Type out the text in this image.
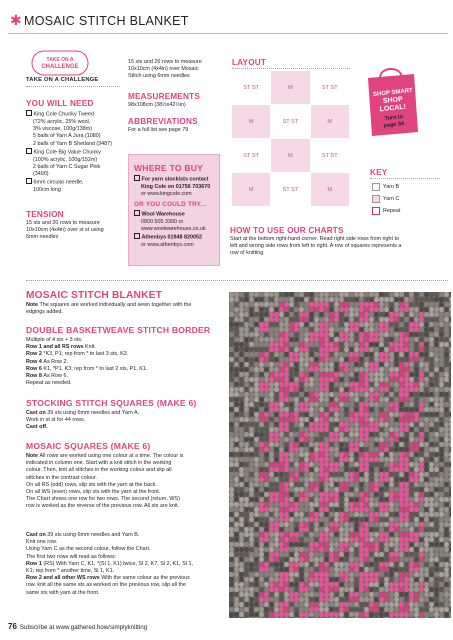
✱ MOSAIC STITCH BLANKET
TAKE ON A
CHALLENGE
TAKE ON A CHALLENGE
YOU WILL NEED
King Cole Chunky Tweed
(72% acrylic, 25% wool,
3% viscose, 100g/138m)
5 balls of Yarn A Jura (1080)
2 balls of Yarn B Shetland (3487)
King Cole Big Value Chunky
(100% acrylic, 100g/152m)
2 balls of Yarn C Sugar Pink
(3490)
6mm circular needle,
100cm long
TENSION
15 sts and 20 rows to measure
10x10cm (4x4in) over st st using
6mm needles
15 sts and 26 rows to measure
10x10cm (4x4in) over Mosaic
Stitch using 6mm needles
MEASUREMENTS
98x108cm (38½x42½in)
ABBREVIATIONS
For a full list see page 79
WHERE TO BUY
For yarn stockists contact
King Cole on 01756 703670
or www.kingcole.com
OR YOU COULD TRY...
Wool Warehouse
0800 505 3300 or
www.woolwarehouse.co.uk
Athenbys 01948 820052
or www.athenbys.com
LAYOUT
ST ST	M	ST ST
M	ST ST	M
ST ST	M	ST ST
M	ST ST	M
SHOP SMART
SHOP
LOCAL!
Turn to
page 34
KEY
Yarn B
Yarn C
Repeat
HOW TO USE OUR CHARTS
Start at the bottom right-hand corner. Read right side rows from right to
left and wrong side rows from left to right. A row of squares represents a
row of knitting
MOSAIC STITCH BLANKET
Note The squares are worked individually and sewn together with the
edgings added.
DOUBLE BASKETWEAVE STITCH BORDER
Multiple of 4 sts + 3 sts.
Row 1 and all RS rows Knit.
Row 2 *K3, P1; rep from * to last 3 sts, K3.
Row 4 As Row 2.
Row 6 K1, *P1, K3; rep from * to last 2 sts, P1, K1.
Row 8 As Row 6.
Repeat as needed.
STOCKING STITCH SQUARES (MAKE 6)
Cast on 39 sts using 6mm needles and Yarn A.
Work in st st for 44 rows.
Cast off.
MOSAIC SQUARES (MAKE 6)
Note All rows are worked using one colour at a time. The colour is
indicated in column one. Start with a knit stitch in the working
colour. Then, knit all stitches in the working colour and slip all
stitches in the contrast colour.
On all RS (odd) rows, slip sts with the yarn at the back.
On all WS (even) rows, slip sts with the yarn at the front.
The Chart shows one row for two rows. The second (return, WS)
row is worked as the reverse of the previous row. All sts are knit.
Cast on 39 sts using 6mm needles and Yarn B.
Knit one row.
Using Yarn C as the second colour, follow the Chart.
The first two rows will read as follows:
Row 1 (RS) With Yarn C, K1, *(Sl 1, K1) twice, Sl 2, K7, Sl 2, K1, Sl 1,
K1; rep from * another time, Sl 1, K1.
Row 2 and all other WS rows With the same colour as the previous
row, knit all the same sts as worked on the previous row, slip all the
same sts with yarn at the front.
76 Subscribe at www.gathered.how/simplyknitting
